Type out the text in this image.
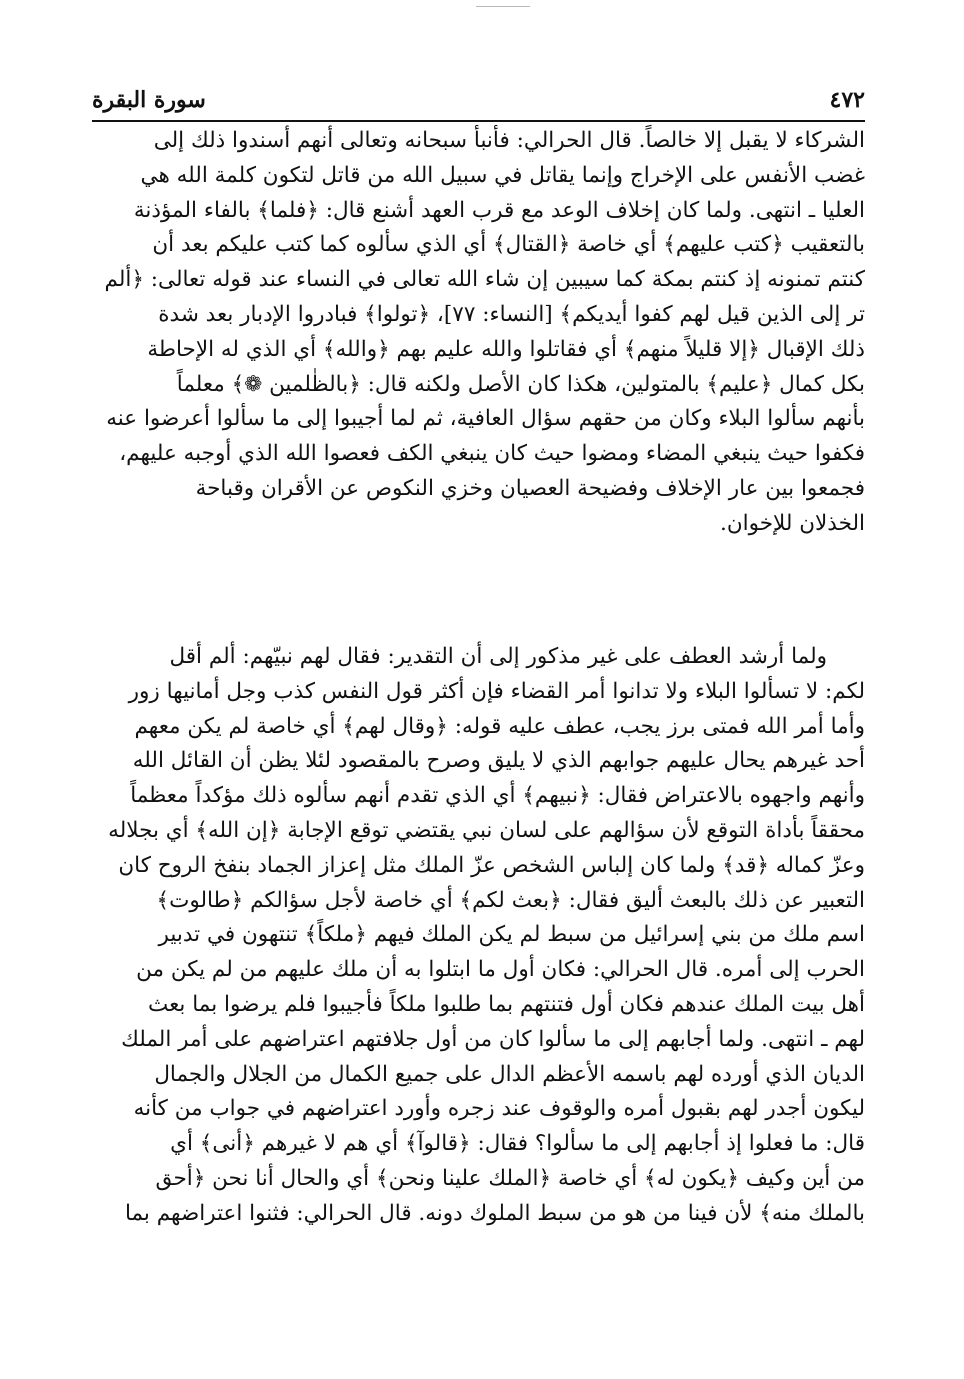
٤٧٢
سورة البقرة
الشركاء لا يقبل إلا خالصاً. قال الحرالي: فأنبأ سبحانه وتعالى أنهم أسندوا ذلك إلى
غضب الأنفس على الإخراج وإنما يقاتل في سبيل الله من قاتل لتكون كلمة الله هي
العليا ـ انتهى. ولما كان إخلاف الوعد مع قرب العهد أشنع قال: ﴿فلما﴾ بالفاء المؤذنة
بالتعقيب ﴿كتب عليهم﴾ أي خاصة ﴿القتال﴾ أي الذي سألوه كما كتب عليكم بعد أن
كنتم تمنونه إذ كنتم بمكة كما سيبين إن شاء الله تعالى في النساء عند قوله تعالى: ﴿ألم
تر إلى الذين قيل لهم كفوا أيديكم﴾ [النساء: ٧٧]، ﴿تولوا﴾ فبادروا الإدبار بعد شدة
ذلك الإقبال ﴿إلا قليلاً منهم﴾ أي فقاتلوا والله عليم بهم ﴿والله﴾ أي الذي له الإحاطة
بكل كمال ﴿عليم﴾ بالمتولين، هكذا كان الأصل ولكنه قال: ﴿بالظٰلمين ❁﴾ معلماً
بأنهم سألوا البلاء وكان من حقهم سؤال العافية، ثم لما أجيبوا إلى ما سألوا أعرضوا عنه
فكفوا حيث ينبغي المضاء ومضوا حيث كان ينبغي الكف فعصوا الله الذي أوجبه عليهم،
فجمعوا بين عار الإخلاف وفضيحة العصيان وخزي النكوص عن الأقران وقباحة
الخذلان للإخوان.
ولما أرشد العطف على غير مذكور إلى أن التقدير: فقال لهم نبيّهم: ألم أقل
لكم: لا تسألوا البلاء ولا تدانوا أمر القضاء فإن أكثر قول النفس كذب وجل أمانيها زور
وأما أمر الله فمتى برز يجب، عطف عليه قوله: ﴿وقال لهم﴾ أي خاصة لم يكن معهم
أحد غيرهم يحال عليهم جوابهم الذي لا يليق وصرح بالمقصود لئلا يظن أن القائل الله
وأنهم واجهوه بالاعتراض فقال: ﴿نبيهم﴾ أي الذي تقدم أنهم سألوه ذلك مؤكداً معظماً
محققاً بأداة التوقع لأن سؤالهم على لسان نبي يقتضي توقع الإجابة ﴿إن الله﴾ أي بجلاله
وعزّ كماله ﴿قد﴾ ولما كان إلباس الشخص عزّ الملك مثل إعزاز الجماد بنفخ الروح كان
التعبير عن ذلك بالبعث أليق فقال: ﴿بعث لكم﴾ أي خاصة لأجل سؤالكم ﴿طالوت﴾
اسم ملك من بني إسرائيل من سبط لم يكن الملك فيهم ﴿ملكاً﴾ تنتهون في تدبير
الحرب إلى أمره. قال الحرالي: فكان أول ما ابتلوا به أن ملك عليهم من لم يكن من
أهل بيت الملك عندهم فكان أول فتنتهم بما طلبوا ملكاً فأجيبوا فلم يرضوا بما بعث
لهم ـ انتهى. ولما أجابهم إلى ما سألوا كان من أول جلافتهم اعتراضهم على أمر الملك
الديان الذي أورده لهم باسمه الأعظم الدال على جميع الكمال من الجلال والجمال
ليكون أجدر لهم بقبول أمره والوقوف عند زجره وأورد اعتراضهم في جواب من كأنه
قال: ما فعلوا إذ أجابهم إلى ما سألوا؟ فقال: ﴿قالوآ﴾ أي هم لا غيرهم ﴿أنى﴾ أي
من أين وكيف ﴿يكون له﴾ أي خاصة ﴿الملك علينا ونحن﴾ أي والحال أنا نحن ﴿أحق
بالملك منه﴾ لأن فينا من هو من سبط الملوك دونه. قال الحرالي: فثنوا اعتراضهم بما
